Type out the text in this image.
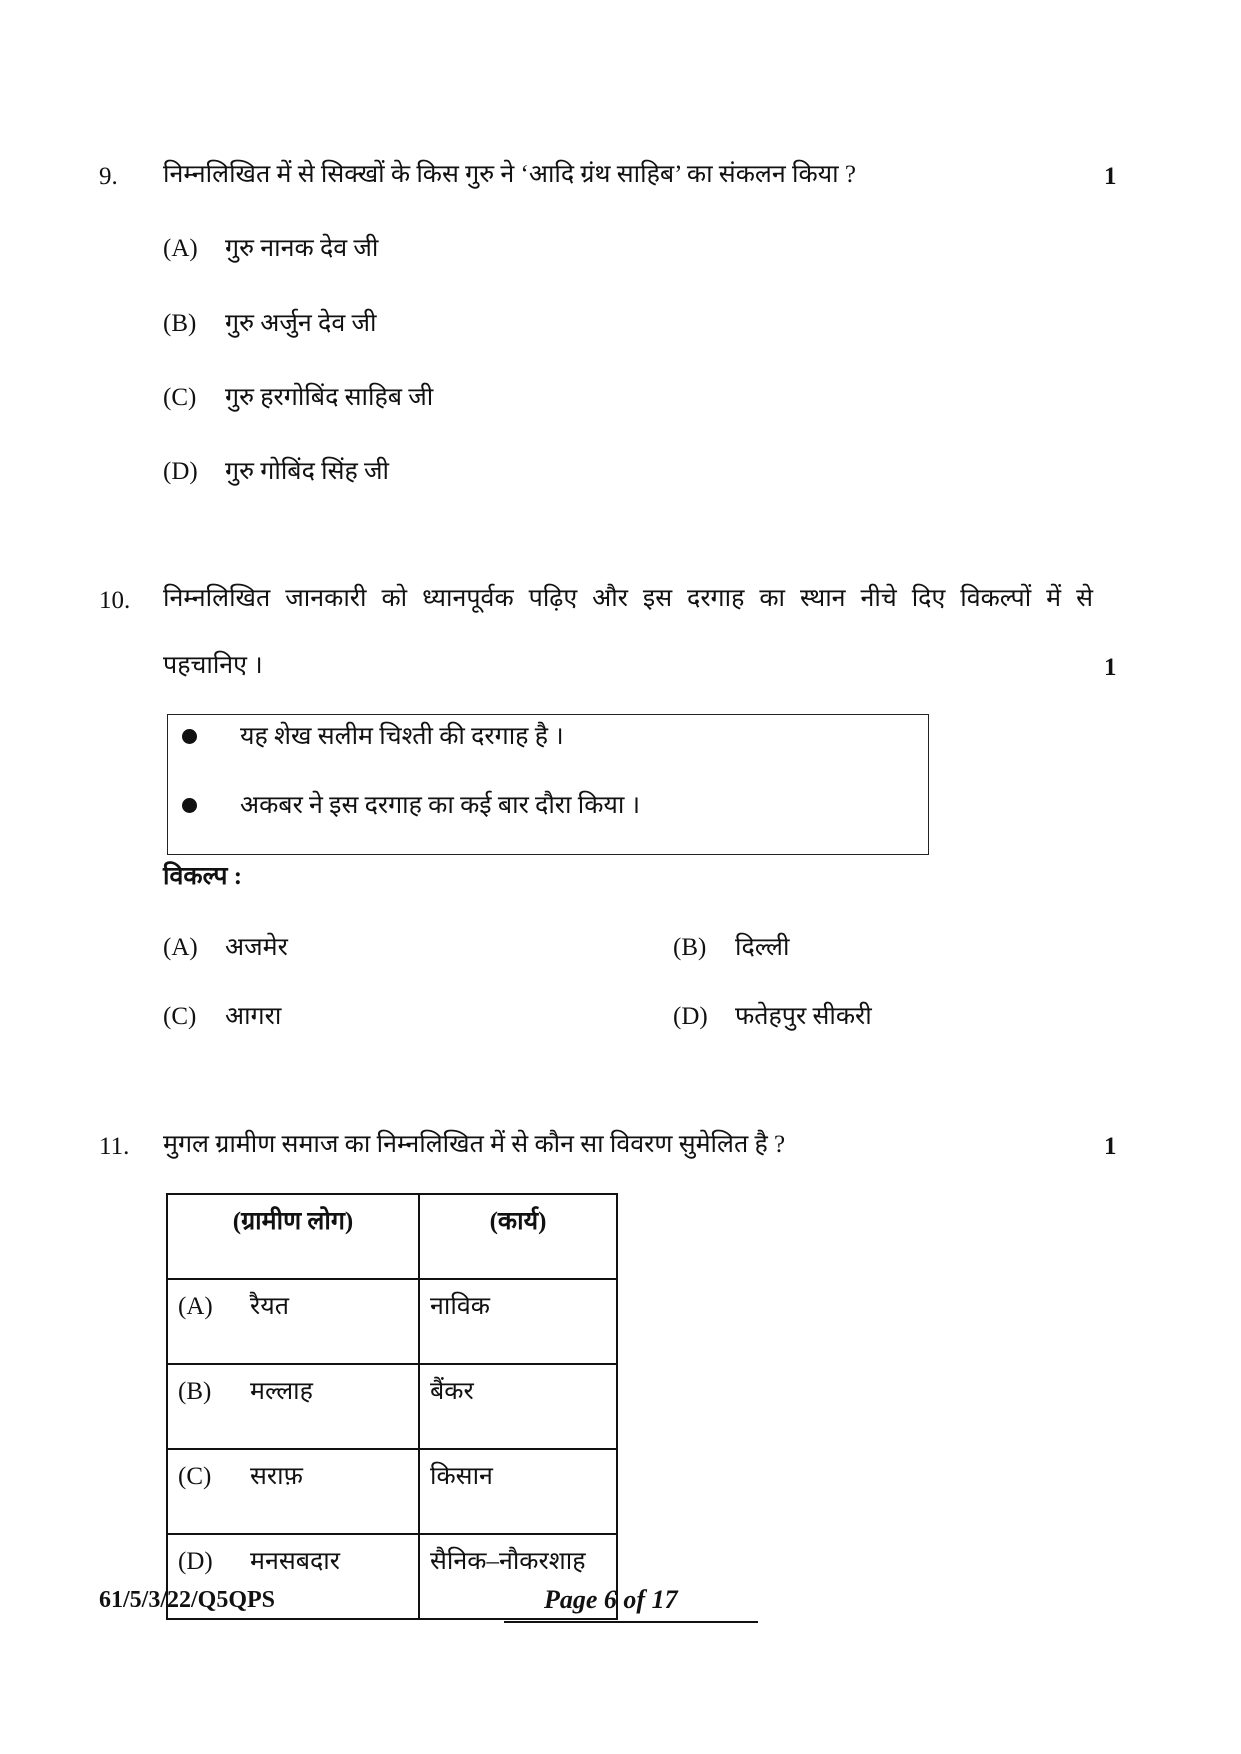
9. निम्नलिखित में से सिक्खों के किस गुरु ने ‘आदि ग्रंथ साहिब’ का संकलन किया ?	1
(A) गुरु नानक देव जी
(B) गुरु अर्जुन देव जी
(C) गुरु हरगोबिंद साहिब जी
(D) गुरु गोबिंद सिंह जी
10. निम्नलिखित जानकारी को ध्यानपूर्वक पढ़िए और इस दरगाह का स्थान नीचे दिए विकल्पों में से
पहचानिए ।	1
यह शेख सलीम चिश्ती की दरगाह है ।
अकबर ने इस दरगाह का कई बार दौरा किया ।
विकल्प :
(A) अजमेर	(B) दिल्ली
(C) आगरा	(D) फतेहपुर सीकरी
11. मुगल ग्रामीण समाज का निम्नलिखित में से कौन सा विवरण सुमेलित है ?	1
(ग्रामीण लोग)	(कार्य)
(A) रैयत	नाविक
(B) मल्लाह	बैंकर
(C) सराफ़	किसान
(D) मनसबदार	सैनिक–नौकरशाह
61/5/3/22/Q5QPS	Page 6 of 17
